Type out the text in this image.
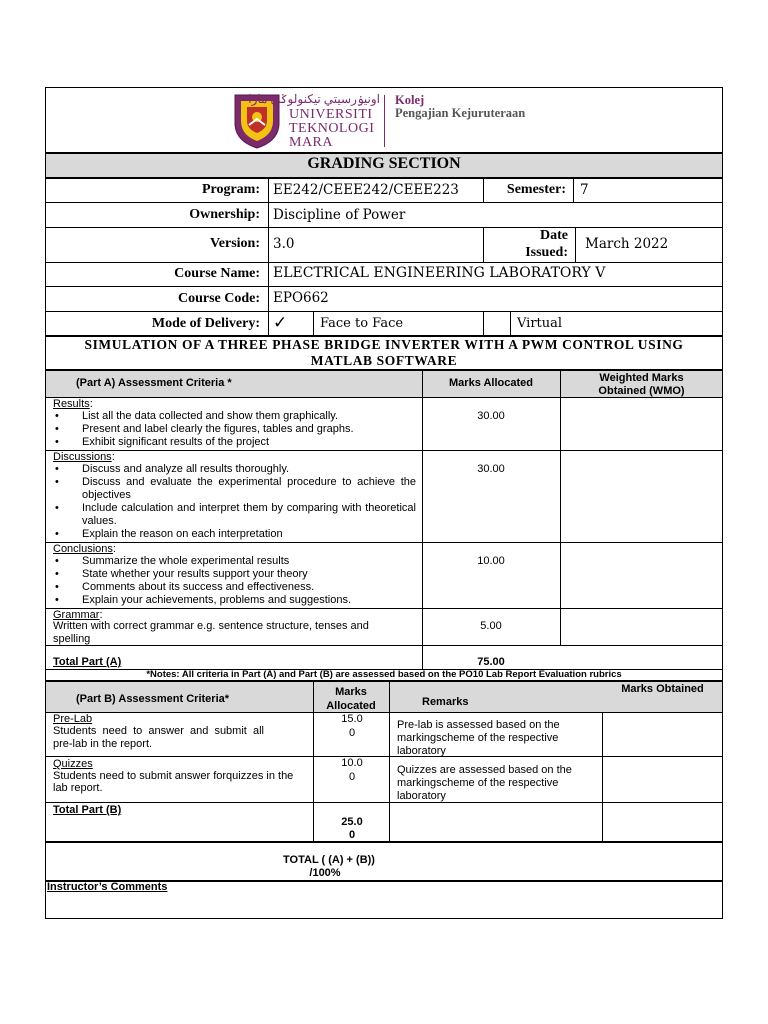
اونيۏرسيتي تيکنولوݢي مارا
UNIVERSITI
TEKNOLOGI
MARA
Kolej
Pengajian Kejuruteraan
GRADING SECTION
Program: EE242/CEEE242/CEEE223	Semester: 7
Ownership: Discipline of Power
Version: 3.0
Date
Issued:
March 2022
Course Name: ELECTRICAL ENGINEERING LABORATORY V
Course Code: EPO662
Mode of Delivery: ✓	Face to Face	Virtual
SIMULATION OF A THREE PHASE BRIDGE INVERTER WITH A PWM CONTROL USING
MATLAB SOFTWARE
(Part A) Assessment Criteria *	Marks Allocated	Weighted Marks
Obtained (WMO)
Results:
• List all the data collected and show them graphically.
• Present and label clearly the figures, tables and graphs.
• Exhibit significant results of the project
30.00
Discussions:
• Discuss and analyze all results thoroughly.
• Discuss and evaluate the experimental procedure to achieve the objectives
• Include calculation and interpret them by comparing with theoretical values.
• Explain the reason on each interpretation
30.00
Conclusions:
• Summarize the whole experimental results
• State whether your results support your theory
• Comments about its success and effectiveness.
• Explain your achievements, problems and suggestions.
10.00
Grammar:
Written with correct grammar e.g. sentence structure, tenses and spelling
5.00
Total Part (A)	75.00
*Notes: All criteria in Part (A) and Part (B) are assessed based on the PO10 Lab Report Evaluation rubrics
(Part B) Assessment Criteria*
Marks
Allocated	Remarks
Marks Obtained
Pre-Lab
Students  need  to  answer  and  submit  all
pre-lab in the report.
15.0
0
Pre-lab is assessed based on the markingscheme of the respective laboratory
Quizzes
Students need to submit answer forquizzes in the
lab report.
10.0
0
Quizzes are assessed based on the markingscheme of the respective laboratory
Total Part (B)
25.0
0
TOTAL ( (A) + (B))
/100%
Instructor’s Comments
